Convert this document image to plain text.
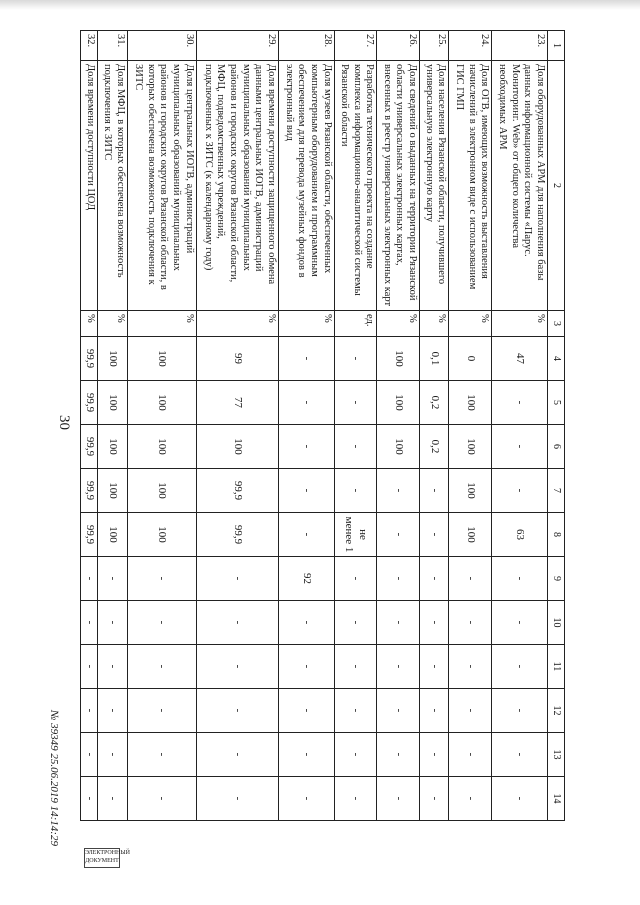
30
1	2	3	4	5	6	7	8	9	10	11	12	13	14
23.	Доля оборудованных АРМ для наполнения базы данных информационной системы «Парус. Мониторинг. Web» от общего количества необходимых АРМ	%	47	-	-	-	63	-	-	-	-	-	-
24.	Доля ОГВ, имеющих возможность выставления начислений в электронном виде с использованием ГИС ГМП	%	0	100	100	100	100	-	-	-	-	-	-
25.	Доля населения Рязанской области, получившего универсальную электронную карту	%	0,1	0,2	0,2	-	-	-	-	-	-	-	-
26.	Доля сведений о выданных на территории Рязанской области универсальных электронных картах, внесенных в реестр универсальных электронных карт	%	100	100	100	-	-	-	-	-	-	-	-
27.	Разработка технического проекта на создание комплекса информационно-аналитической системы Рязанской области	ед.	-	-	-	-	не менее 1	-	-	-	-	-	-
28.	Доля музеев Рязанской области, обеспеченных компьютерным оборудованием и программным обеспечением для перевода музейных фондов в электронный вид	%	-	-	-	-	-	92	-	-	-	-	-
29.	Доля времени доступности защищенного обмена данными центральных ИОГВ, администраций муниципальных образований муниципальных районов и городских округов Рязанской области, МФЦ, подведомственных учреждений, подключенных к ЗИТС (к календарному году)	%	99	77	100	99,9	99,9	-	-	-	-	-	-
30.	Доля центральных ИОГВ, администраций муниципальных образований муниципальных районов и городских округов Рязанской области, в которых обеспечена возможность подключения к ЗИТС	%	100	100	100	100	100	-	-	-	-	-	-
31.	Доля МФЦ, в которых обеспечена возможность подключения к ЗИТС	%	100	100	100	100	100	-	-	-	-	-	-
32.	Доля времени доступности ЦОД	%	99,9	99,9	99,9	99,9	99,9	-	-	-	-	-	-
№ 39349 25.06.2019 14:14:29
ЭЛЕКТРОННЫЙ ДОКУМЕНТ
